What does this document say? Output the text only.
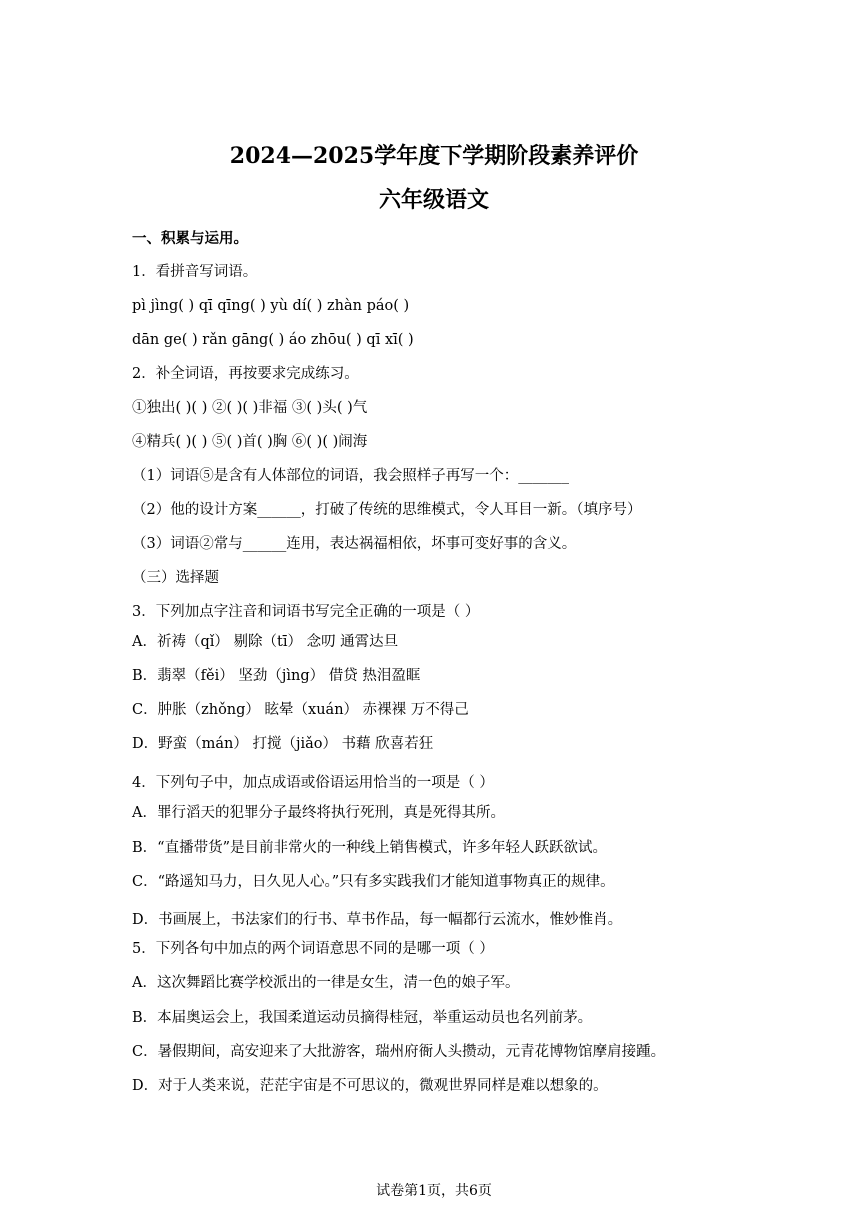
2024—2025学年度下学期阶段素养评价
六年级语文
一、积累与运用。
1．看拼音写词语。
pì jìng( ) qī qīng( ) yù dí( ) zhàn páo( )
dān ge( ) rǎn gāng( ) áo zhōu( ) qī xī( )
2．补全词语，再按要求完成练习。
①独出( )( ) ②( )( )非福 ③( )头( )气
④精兵( )( ) ⑤( )首( )胸 ⑥( )( )闹海
（1）词语⑤是含有人体部位的词语，我会照样子再写一个：_______
（2）他的设计方案______，打破了传统的思维模式，令人耳目一新。（填序号）
（3）词语②常与______连用，表达祸福相依，坏事可变好事的含义。
（三）选择题
3．下列加点字注音和词语书写完全正确的一项是（ ）
A．祈祷（qǐ） 剔除（tī） 念叨 通霄达旦
B．翡翠（fěi） 坚劲（jìng） 借贷 热泪盈眶
C．肿胀（zhǒng） 眩晕（xuán） 赤裸裸 万不得己
D．野蛮（mán） 打搅（jiǎo） 书藉 欣喜若狂
4．下列句子中，加点成语或俗语运用恰当的一项是（ ）
A．罪行滔天的犯罪分子最终将执行死刑，真是死得其所。
B．“直播带货”是目前非常火的一种线上销售模式，许多年轻人跃跃欲试。
C．“路遥知马力，日久见人心。”只有多实践我们才能知道事物真正的规律。
D．书画展上，书法家们的行书、草书作品，每一幅都行云流水，惟妙惟肖。
5．下列各句中加点的两个词语意思不同的是哪一项（ ）
A．这次舞蹈比赛学校派出的一律是女生，清一色的娘子军。
B．本届奥运会上，我国柔道运动员摘得桂冠，举重运动员也名列前茅。
C．暑假期间，高安迎来了大批游客，瑞州府衙人头攒动，元青花博物馆摩肩接踵。
D．对于人类来说，茫茫宇宙是不可思议的，微观世界同样是难以想象的。
试卷第1页，共6页
